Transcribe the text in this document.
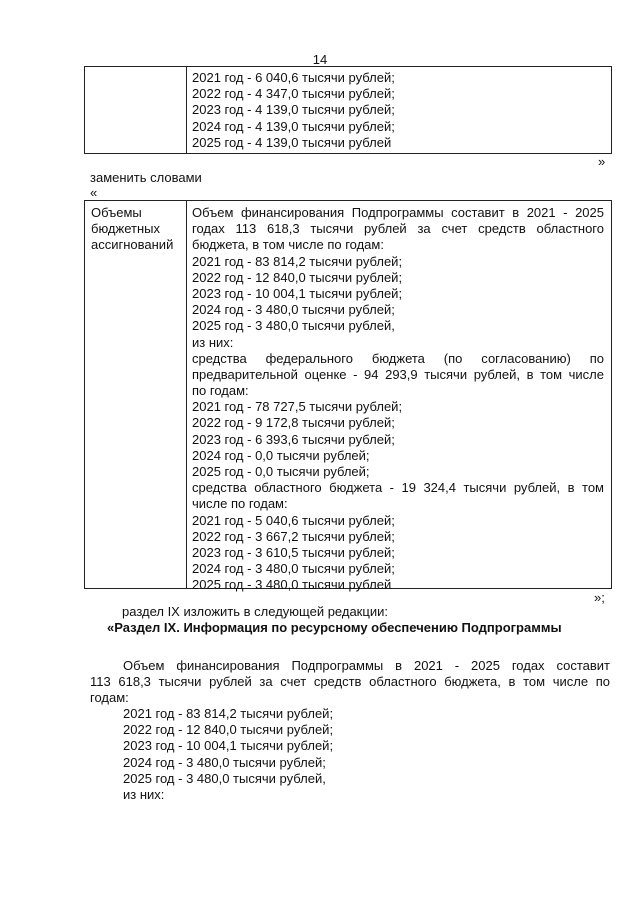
14
2021 год - 6 040,6 тысячи рублей;
2022 год - 4 347,0 тысячи рублей;
2023 год - 4 139,0 тысячи рублей;
2024 год - 4 139,0 тысячи рублей;
2025 год - 4 139,0 тысячи рублей
»
заменить словами
«
Объемы
бюджетных
ассигнований
Объем финансирования Подпрограммы составит в 2021 - 2025
годах 113 618,3 тысячи рублей за счет средств областного
бюджета, в том числе по годам:
2021 год - 83 814,2 тысячи рублей;
2022 год - 12 840,0 тысячи рублей;
2023 год - 10 004,1 тысячи рублей;
2024 год - 3 480,0 тысячи рублей;
2025 год - 3 480,0 тысячи рублей,
из них:
средства федерального бюджета (по согласованию) по
предварительной оценке - 94 293,9 тысячи рублей, в том числе
по годам:
2021 год - 78 727,5 тысячи рублей;
2022 год - 9 172,8 тысячи рублей;
2023 год - 6 393,6 тысячи рублей;
2024 год - 0,0 тысячи рублей;
2025 год - 0,0 тысячи рублей;
средства областного бюджета - 19 324,4 тысячи рублей, в том
числе по годам:
2021 год - 5 040,6 тысячи рублей;
2022 год - 3 667,2 тысячи рублей;
2023 год - 3 610,5 тысячи рублей;
2024 год - 3 480,0 тысячи рублей;
2025 год - 3 480,0 тысячи рублей
»;
раздел IX изложить в следующей редакции:
«Раздел IX. Информация по ресурсному обеспечению Подпрограммы
Объем финансирования Подпрограммы в 2021 - 2025 годах составит
113 618,3 тысячи рублей за счет средств областного бюджета, в том числе по
годам:
2021 год - 83 814,2 тысячи рублей;
2022 год - 12 840,0 тысячи рублей;
2023 год - 10 004,1 тысячи рублей;
2024 год - 3 480,0 тысячи рублей;
2025 год - 3 480,0 тысячи рублей,
из них:
